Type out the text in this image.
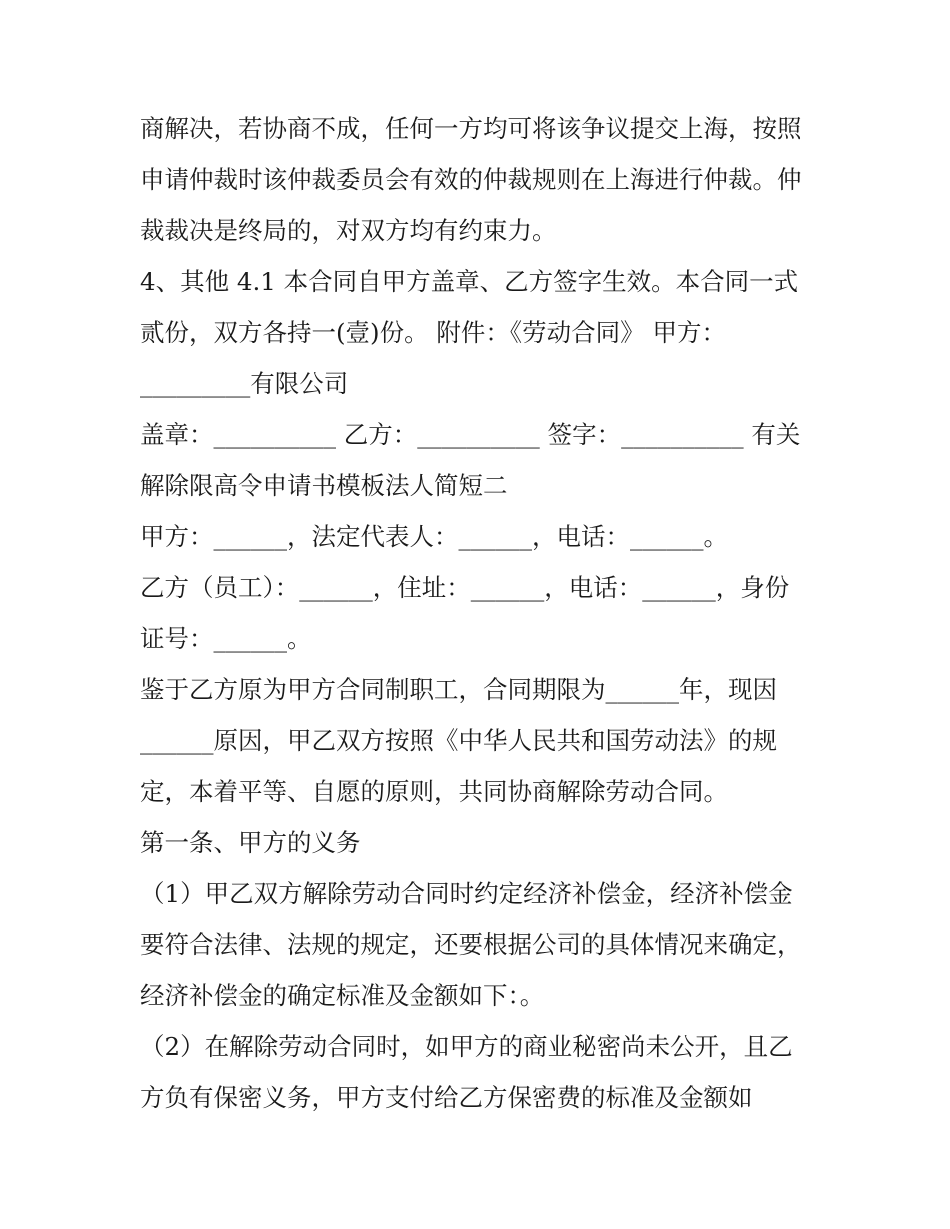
商解决，若协商不成，任何一方均可将该争议提交上海，按照
申请仲裁时该仲裁委员会有效的仲裁规则在上海进行仲裁。仲
裁裁决是终局的，对双方均有约束力。
4、其他 4.1 本合同自甲方盖章、乙方签字生效。本合同一式
贰份，双方各持一(壹)份。 附件：《劳动合同》 甲方：
_________有限公司
盖章：__________ 乙方：__________ 签字：__________ 有关
解除限高令申请书模板法人简短二
甲方：______，法定代表人：______，电话：______。
乙方（员工）：______，住址：______，电话：______，身份
证号：______。
鉴于乙方原为甲方合同制职工，合同期限为______年，现因
______原因，甲乙双方按照《中华人民共和国劳动法》的规
定，本着平等、自愿的原则，共同协商解除劳动合同。
第一条、甲方的义务
（1）甲乙双方解除劳动合同时约定经济补偿金，经济补偿金
要符合法律、法规的规定，还要根据公司的具体情况来确定，
经济补偿金的确定标准及金额如下：。
（2）在解除劳动合同时，如甲方的商业秘密尚未公开，且乙
方负有保密义务，甲方支付给乙方保密费的标准及金额如
